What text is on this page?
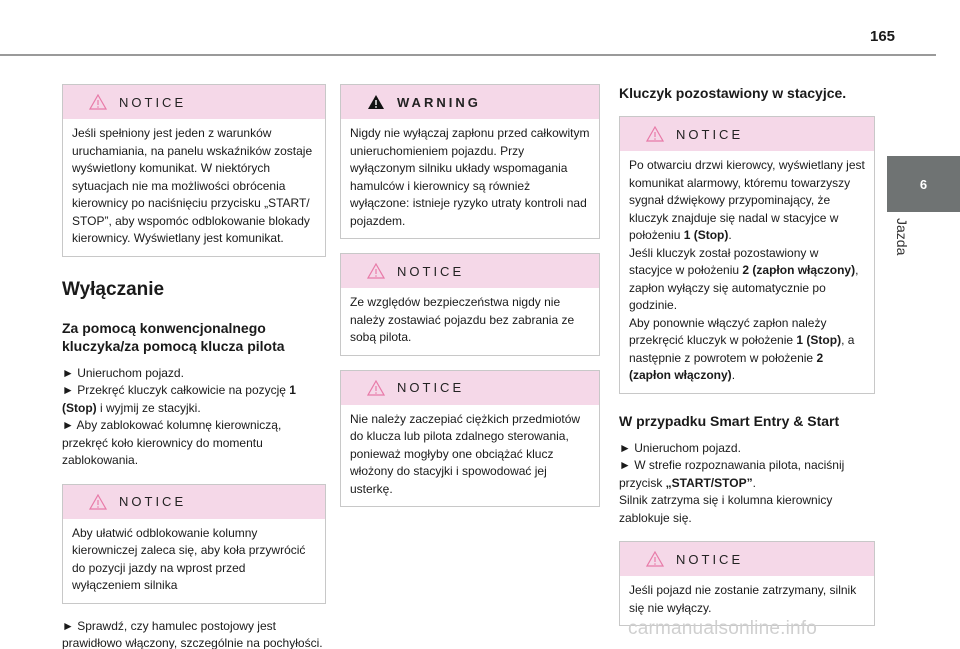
165
6
Jazda
NOTICE
Jeśli spełniony jest jeden z warunków uruchamiania, na panelu wskaźników zostaje wyświetlony komunikat. W niektórych sytuacjach nie ma możliwości obrócenia kierownicy po naciśnięciu przycisku „START/ STOP”, aby wspomóc odblokowanie blokady kierownicy. Wyświetlany jest komunikat.
Wyłączanie
Za pomocą konwencjonalnego kluczyka/za pomocą klucza pilota
► Unieruchom pojazd.
► Przekręć kluczyk całkowicie na pozycję 1 (Stop) i wyjmij ze stacyjki.
► Aby zablokować kolumnę kierowniczą, przekręć koło kierownicy do momentu zablokowania.
NOTICE
Aby ułatwić odblokowanie kolumny kierowniczej zaleca się, aby koła przywrócić do pozycji jazdy na wprost przed wyłączeniem silnika
► Sprawdź, czy hamulec postojowy jest prawidłowo włączony, szczególnie na pochyłości.
WARNING
Nigdy nie wyłączaj zapłonu przed całkowitym unieruchomieniem pojazdu. Przy wyłączonym silniku układy wspomagania hamulców i kierownicy są również wyłączone: istnieje ryzyko utraty kontroli nad pojazdem.
NOTICE
Ze względów bezpieczeństwa nigdy nie należy zostawiać pojazdu bez zabrania ze sobą pilota.
NOTICE
Nie należy zaczepiać ciężkich przedmiotów do klucza lub pilota zdalnego sterowania, ponieważ mogłyby one obciążać klucz włożony do stacyjki i spowodować jej usterkę.
Kluczyk pozostawiony w stacyjce.
NOTICE
Po otwarciu drzwi kierowcy, wyświetlany jest komunikat alarmowy, któremu towarzyszy sygnał dźwiękowy przypominający, że kluczyk znajduje się nadal w stacyjce w położeniu 1 (Stop).
Jeśli kluczyk został pozostawiony w stacyjce w położeniu 2 (zapłon włączony), zapłon wyłączy się automatycznie po godzinie.
Aby ponownie włączyć zapłon należy przekręcić kluczyk w położenie 1 (Stop), a następnie z powrotem w położenie 2 (zapłon włączony).
W przypadku Smart Entry & Start
► Unieruchom pojazd.
► W strefie rozpoznawania pilota, naciśnij przycisk „START/STOP”.
Silnik zatrzyma się i kolumna kierownicy zablokuje się.
NOTICE
Jeśli pojazd nie zostanie zatrzymany, silnik się nie wyłączy.
carmanualsonline.info
